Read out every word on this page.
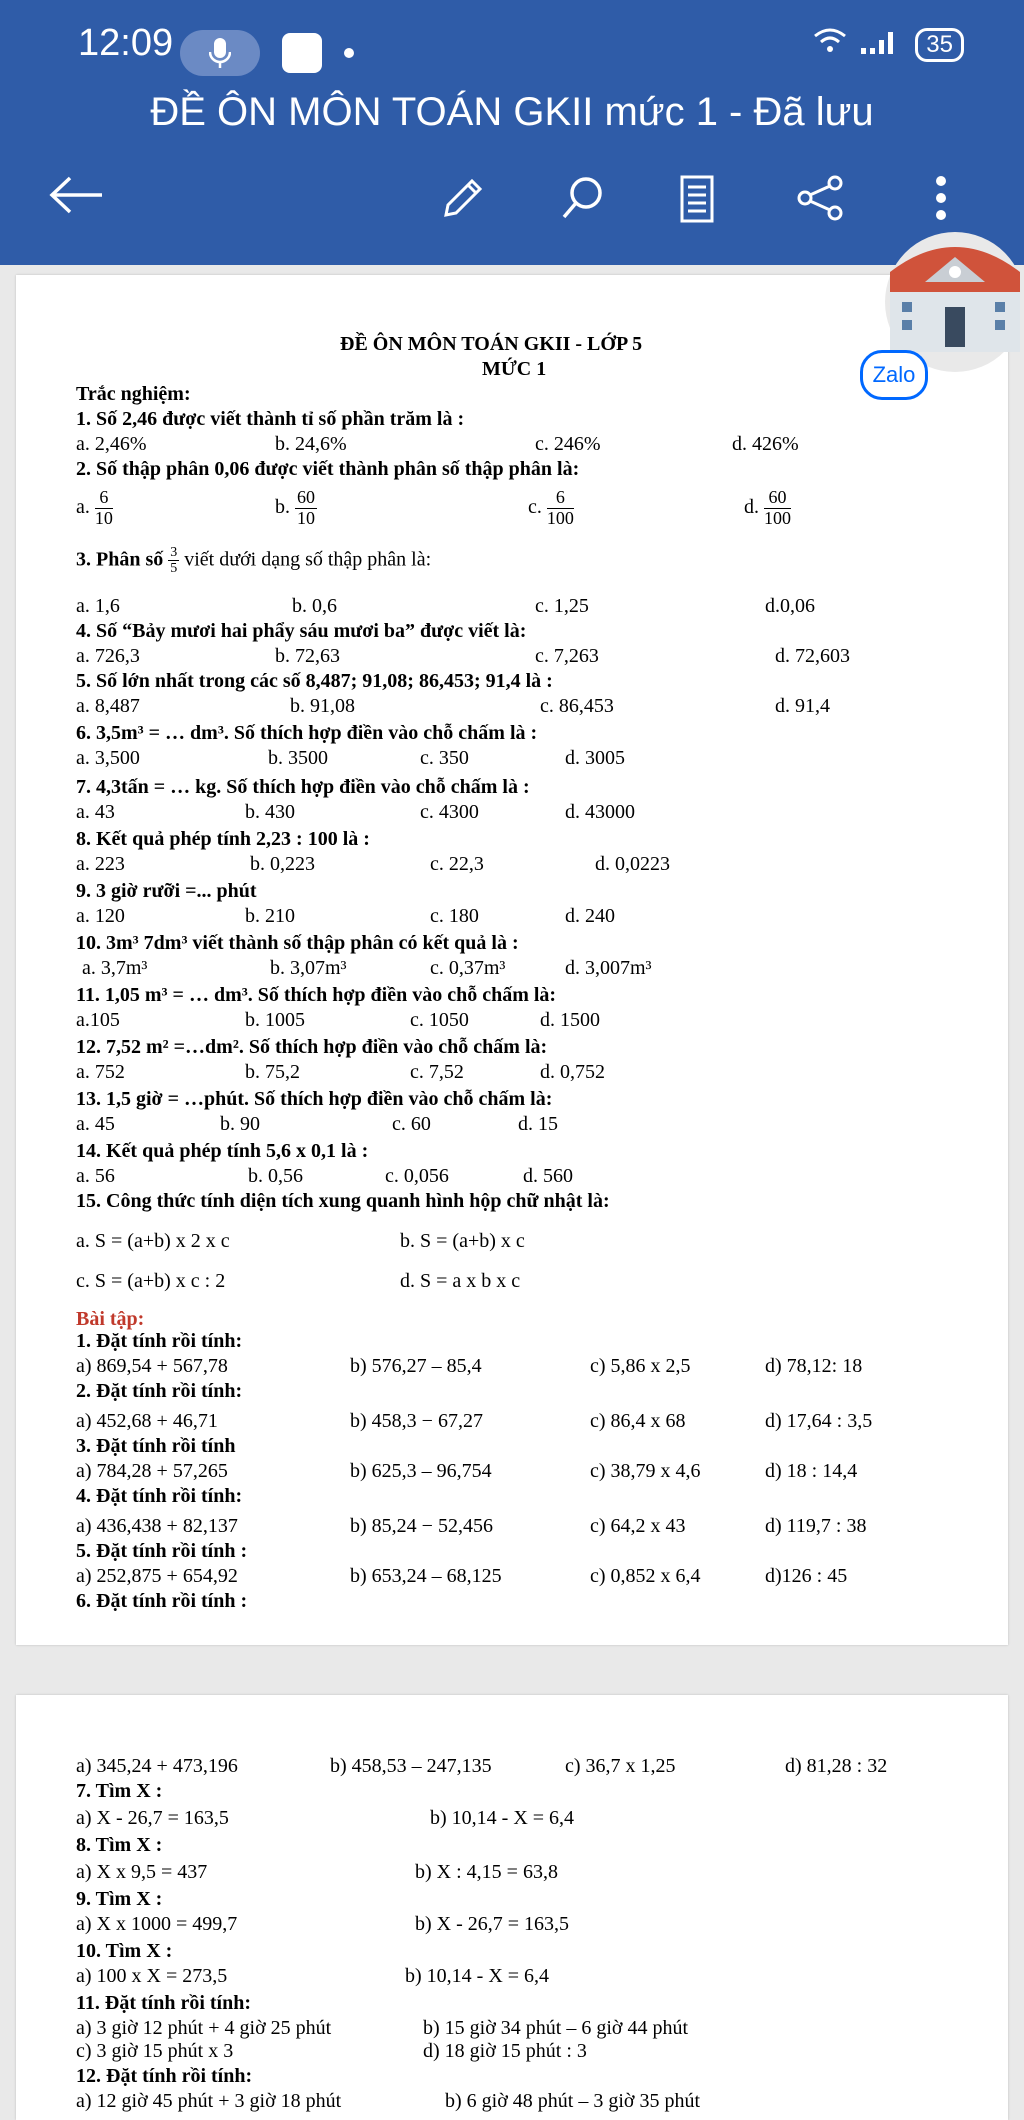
12:09	35
ĐỀ ÔN MÔN TOÁN GKII mức 1 - Đã lưu
Zalo
ĐỀ ÔN MÔN TOÁN GKII - LỚP 5
MỨC 1
Trắc nghiệm:
1. Số 2,46 được viết thành tỉ số phần trăm là :
a. 2,46%	b. 24,6%	c. 246%	d. 426%
2. Số thập phân 0,06 được viết thành phân số thập phân là:
a. $\frac{6}{10}$	b. $\frac{60}{10}$	c. $\frac{6}{100}$	d. $\frac{60}{100}$
3. Phân số $\frac{3}{5}$ viết dưới dạng số thập phân là:
a. 1,6	b. 0,6	c. 1,25	d.0,06
4. Số “Bảy mươi hai phẩy sáu mươi ba” được viết là:
a. 726,3	b. 72,63	c. 7,263	d. 72,603
5. Số lớn nhất trong các số 8,487; 91,08; 86,453; 91,4 là :
a. 8,487	b. 91,08	c. 86,453	d. 91,4
6. 3,5m³ = … dm³. Số thích hợp điền vào chỗ chấm là :
a. 3,500	b. 3500	c. 350	d. 3005
7. 4,3tấn = … kg. Số thích hợp điền vào chỗ chấm là :
a. 43	b. 430	c. 4300	d. 43000
8. Kết quả phép tính 2,23 : 100 là :
a. 223	b. 0,223	c. 22,3	d. 0,0223
9. 3 giờ rưỡi =... phút
a. 120	b. 210	c. 180	d. 240
10. 3m³ 7dm³ viết thành số thập phân có kết quả là :
a. 3,7m³	b. 3,07m³	c. 0,37m³	d. 3,007m³
11. 1,05 m³ = … dm³. Số thích hợp điền vào chỗ chấm là:
a.105	b. 1005	c. 1050	d. 1500
12. 7,52 m² =…dm². Số thích hợp điền vào chỗ chấm là:
a. 752	b. 75,2	c. 7,52	d. 0,752
13. 1,5 giờ = …phút. Số thích hợp điền vào chỗ chấm là:
a. 45	b. 90	c. 60	d. 15
14. Kết quả phép tính 5,6 x 0,1 là :
a. 56	b. 0,56	c. 0,056	d. 560
15. Công thức tính diện tích xung quanh hình hộp chữ nhật là:
a. S = (a+b) x 2 x c	b. S = (a+b) x c
c. S = (a+b) x c : 2	d. S = a x b x c
Bài tập:
1. Đặt tính rồi tính:
a) 869,54 + 567,78	b) 576,27 – 85,4	c) 5,86 x 2,5	d) 78,12: 18
2. Đặt tính rồi tính:
a) 452,68 + 46,71	b) 458,3 − 67,27	c) 86,4 x 68	d) 17,64 : 3,5
3. Đặt tính rồi tính
a) 784,28 + 57,265	b) 625,3 – 96,754	c) 38,79 x 4,6	d) 18 : 14,4
4. Đặt tính rồi tính:
a) 436,438 + 82,137	b) 85,24 − 52,456	c) 64,2 x 43	d) 119,7 : 38
5. Đặt tính rồi tính :
a) 252,875 + 654,92	b) 653,24 – 68,125	c) 0,852 x 6,4	d)126 : 45
6. Đặt tính rồi tính :
a) 345,24 + 473,196	b) 458,53 – 247,135	c) 36,7 x 1,25	d) 81,28 : 32
7. Tìm X :
a) X - 26,7 = 163,5	b) 10,14 - X = 6,4
8. Tìm X :
a) X x 9,5 = 437	b) X : 4,15 = 63,8
9. Tìm X :
a) X x 1000 = 499,7	b) X - 26,7 = 163,5
10. Tìm X :
a) 100 x X = 273,5	b) 10,14 - X = 6,4
11. Đặt tính rồi tính:
a) 3 giờ 12 phút + 4 giờ 25 phút	b) 15 giờ 34 phút – 6 giờ 44 phút
c) 3 giờ 15 phút x 3	d) 18 giờ 15 phút : 3
12. Đặt tính rồi tính:
a) 12 giờ 45 phút + 3 giờ 18 phút	b) 6 giờ 48 phút – 3 giờ 35 phút
